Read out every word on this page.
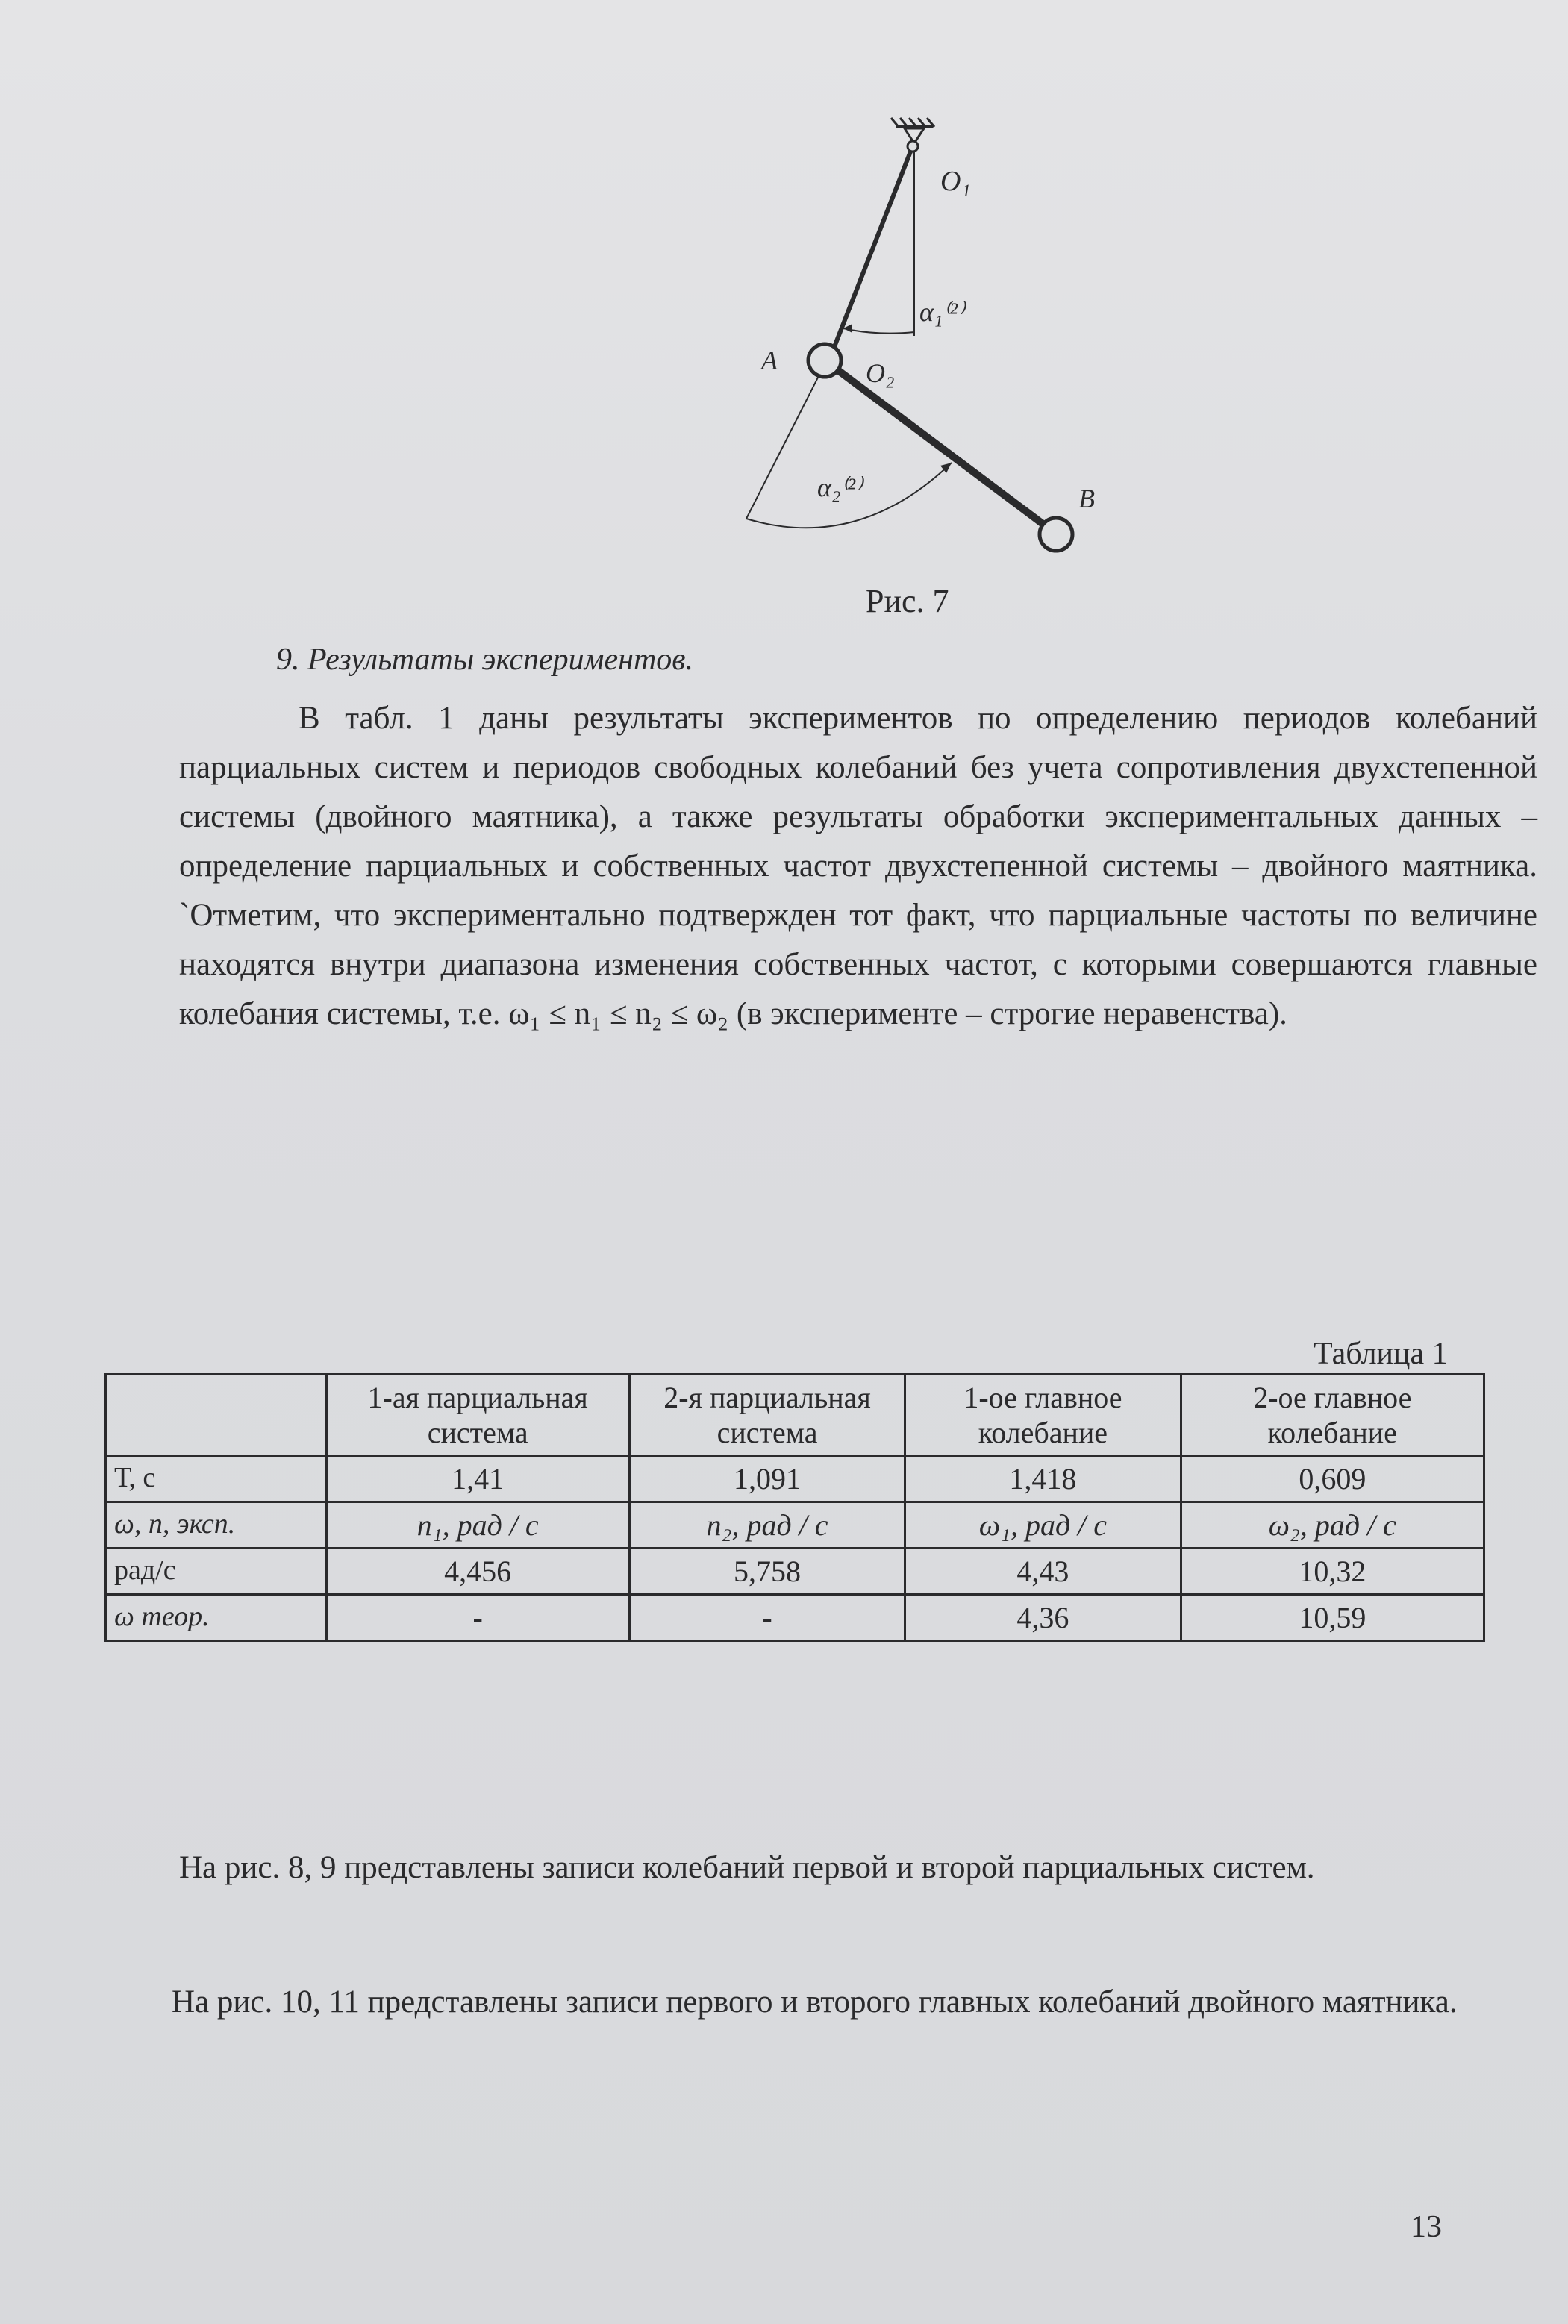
O₁
α₁⁽²⁾
A	O₂
α₂⁽²⁾	B
Рис. 7
9. Результаты экспериментов.
В табл. 1 даны результаты экспериментов по определению периодов колебаний парциальных систем и периодов свободных колебаний без учета сопротивления двухстепенной системы (двойного маятника), а также результаты обработки экспериментальных данных – определение парциальных и собственных частот двухстепенной системы – двойного маятника. `Отметим, что экспериментально подтвержден тот факт, что парциальные частоты по величине находятся внутри диапазона изменения собственных частот, с которыми совершаются главные колебания системы, т.е. ω₁ ≤ n₁ ≤ n₂ ≤ ω₂ (в эксперименте – строгие неравенства).
	1-ая парциальная система	2-я парциальная система	1-ое главное колебание	2-ое главное колебание
Т, с	1,41	1,091	1,418	0,609
ω, n, эксп.	n₁, рад / с	n₂, рад / с	ω₁, рад / с	ω₂, рад / с
рад/с	4,456	5,758	4,43	10,32
ω теор.	-	-	4,36	10,59
Таблица 1
На рис. 8, 9 представлены записи колебаний первой и второй парциальных систем.
На рис. 10, 11 представлены записи первого и второго главных колебаний двойного маятника.
13
